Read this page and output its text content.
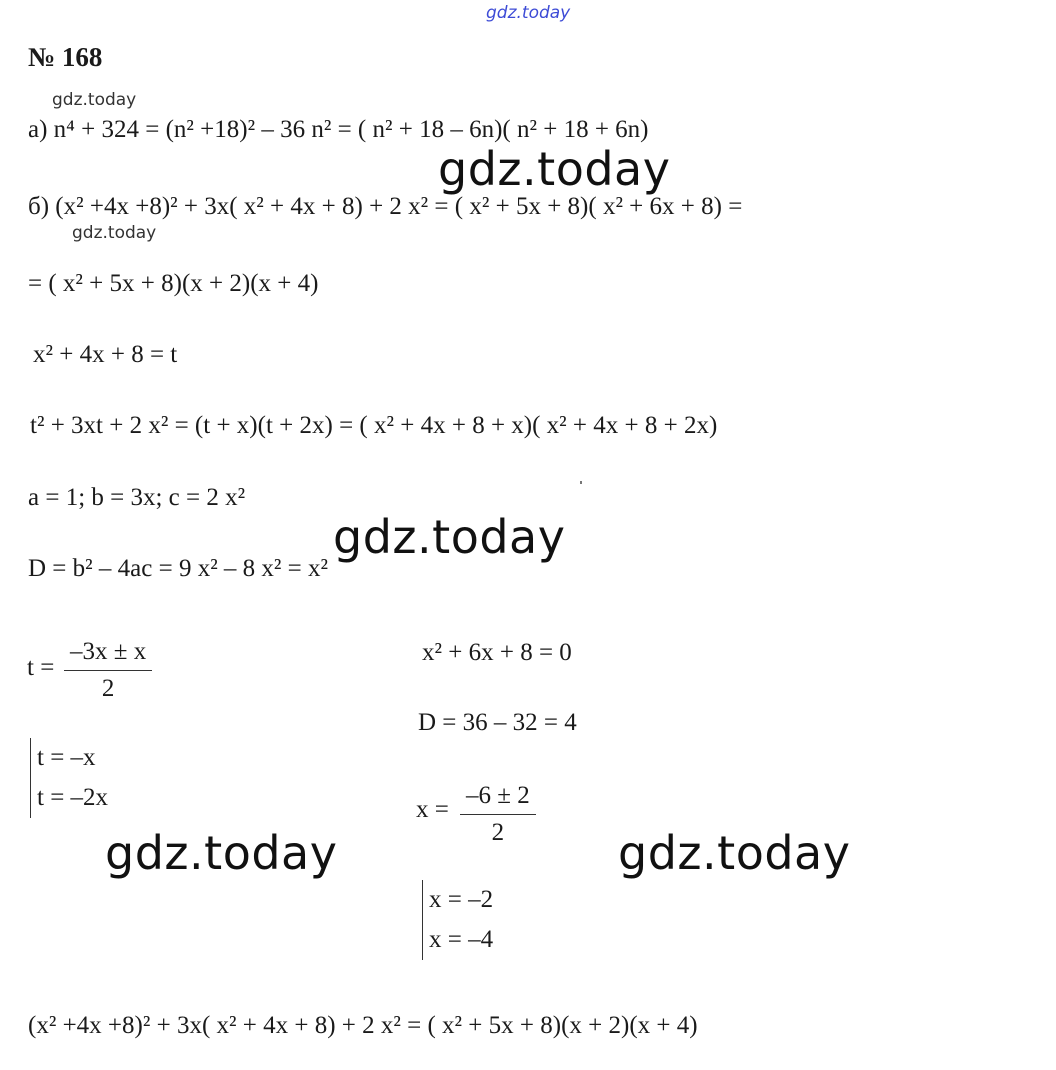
gdz.today
№ 168
gdz.today
а) n⁴ + 324 = (n² +18)² – 36 n² = ( n² + 18 – 6n)( n² + 18 + 6n)
gdz.today
б) (x² +4x +8)² + 3x( x² + 4x + 8) + 2 x² = ( x² + 5x + 8)( x² + 6x + 8) =
gdz.today
= ( x² + 5x + 8)(x + 2)(x + 4)
x² + 4x + 8 = t
t² + 3xt + 2 x² = (t + x)(t + 2x) = ( x² + 4x + 8 + x)( x² + 4x + 8 + 2x)
a = 1; b = 3x; c = 2 x²
gdz.today
D = b² – 4ac = 9 x² – 8 x² = x²
$t = \frac{-3x \pm x}{2}$
t = –x
t = –2x
x² + 6x + 8 = 0
D = 36 – 32 = 4
$x = \frac{-6 \pm 2}{2}$
gdz.today	gdz.today
x = –2
x = –4
(x² +4x +8)² + 3x( x² + 4x + 8) + 2 x² = ( x² + 5x + 8)(x + 2)(x + 4)
